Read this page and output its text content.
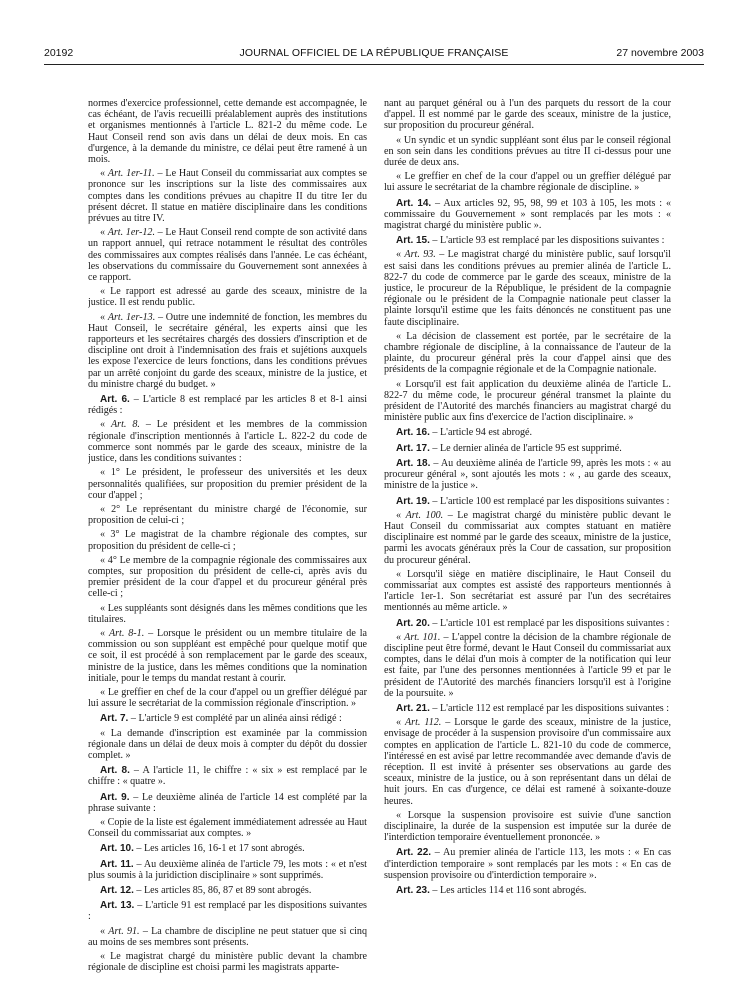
20192	JOURNAL OFFICIEL DE LA RÉPUBLIQUE FRANÇAISE	27 novembre 2003

normes d'exercice professionnel, cette demande est accompagnée, le cas échéant, de l'avis recueilli préalablement auprès des institutions et organismes mentionnés à l'article L. 821-2 du même code. Le Haut Conseil rend son avis dans un délai de deux mois. En cas d'urgence, à la demande du ministre, ce délai peut être ramené à un mois.

« Art. 1er-11. – Le Haut Conseil du commissariat aux comptes se prononce sur les inscriptions sur la liste des commissaires aux comptes dans les conditions prévues au chapitre II du titre Ier du présent décret. Il statue en matière disciplinaire dans les conditions prévues au titre IV.

« Art. 1er-12. – Le Haut Conseil rend compte de son activité dans un rapport annuel, qui retrace notamment le résultat des contrôles des commissaires aux comptes réalisés dans l'année. Le cas échéant, les observations du commissaire du Gouvernement sont annexées à ce rapport.

« Le rapport est adressé au garde des sceaux, ministre de la justice. Il est rendu public.

« Art. 1er-13. – Outre une indemnité de fonction, les membres du Haut Conseil, le secrétaire général, les experts ainsi que les rapporteurs et les secrétaires chargés des dossiers d'inscription et de discipline ont droit à l'indemnisation des frais et sujétions auxquels les expose l'exercice de leurs fonctions, dans les conditions prévues par un arrêté conjoint du garde des sceaux, ministre de la justice, et du ministre chargé du budget. »

Art. 6. – L'article 8 est remplacé par les articles 8 et 8-1 ainsi rédigés :

« Art. 8. – Le président et les membres de la commission régionale d'inscription mentionnés à l'article L. 822-2 du code de commerce sont nommés par le garde des sceaux, ministre de la justice, dans les conditions suivantes :

« 1° Le président, le professeur des universités et les deux personnalités qualifiées, sur proposition du premier président de la cour d'appel ;

« 2° Le représentant du ministre chargé de l'économie, sur proposition de celui-ci ;

« 3° Le magistrat de la chambre régionale des comptes, sur proposition du président de celle-ci ;

« 4° Le membre de la compagnie régionale des commissaires aux comptes, sur proposition du président de celle-ci, après avis du premier président de la cour d'appel et du procureur général près celle-ci ;

« Les suppléants sont désignés dans les mêmes conditions que les titulaires.

« Art. 8-1. – Lorsque le président ou un membre titulaire de la commission ou son suppléant est empêché pour quelque motif que ce soit, il est procédé à son remplacement par le garde des sceaux, ministre de la justice, dans les mêmes conditions que la nomination initiale, pour le temps du mandat restant à courir.

« Le greffier en chef de la cour d'appel ou un greffier délégué par lui assure le secrétariat de la commission régionale d'inscription. »

Art. 7. – L'article 9 est complété par un alinéa ainsi rédigé :

« La demande d'inscription est examinée par la commission régionale dans un délai de deux mois à compter du dépôt du dossier complet. »

Art. 8. – A l'article 11, le chiffre : « six » est remplacé par le chiffre : « quatre ».

Art. 9. – Le deuxième alinéa de l'article 14 est complété par la phrase suivante :

« Copie de la liste est également immédiatement adressée au Haut Conseil du commissariat aux comptes. »

Art. 10. – Les articles 16, 16-1 et 17 sont abrogés.

Art. 11. – Au deuxième alinéa de l'article 79, les mots : « et n'est plus soumis à la juridiction disciplinaire » sont supprimés.

Art. 12. – Les articles 85, 86, 87 et 89 sont abrogés.

Art. 13. – L'article 91 est remplacé par les dispositions suivantes :

« Art. 91. – La chambre de discipline ne peut statuer que si cinq au moins de ses membres sont présents.

« Le magistrat chargé du ministère public devant la chambre régionale de discipline est choisi parmi les magistrats apparte-

nant au parquet général ou à l'un des parquets du ressort de la cour d'appel. Il est nommé par le garde des sceaux, ministre de la justice, sur proposition du procureur général.

« Un syndic et un syndic suppléant sont élus par le conseil régional en son sein dans les conditions prévues au titre II ci-dessus pour une durée de deux ans.

« Le greffier en chef de la cour d'appel ou un greffier délégué par lui assure le secrétariat de la chambre régionale de discipline. »

Art. 14. – Aux articles 92, 95, 98, 99 et 103 à 105, les mots : « commissaire du Gouvernement » sont remplacés par les mots : « magistrat chargé du ministère public ».

Art. 15. – L'article 93 est remplacé par les dispositions suivantes :

« Art. 93. – Le magistrat chargé du ministère public, sauf lorsqu'il est saisi dans les conditions prévues au premier alinéa de l'article L. 822-7 du code de commerce par le garde des sceaux, ministre de la justice, le procureur de la République, le président de la compagnie régionale ou le président de la Compagnie nationale peut classer la plainte lorsqu'il estime que les faits dénoncés ne constituent pas une faute disciplinaire.

« La décision de classement est portée, par le secrétaire de la chambre régionale de discipline, à la connaissance de l'auteur de la plainte, du procureur général près la cour d'appel ainsi que des présidents de la compagnie régionale et de la Compagnie nationale.

« Lorsqu'il est fait application du deuxième alinéa de l'article L. 822-7 du même code, le procureur général transmet la plainte du président de l'Autorité des marchés financiers au magistrat chargé du ministère public aux fins d'exercice de l'action disciplinaire. »

Art. 16. – L'article 94 est abrogé.

Art. 17. – Le dernier alinéa de l'article 95 est supprimé.

Art. 18. – Au deuxième alinéa de l'article 99, après les mots : « au procureur général », sont ajoutés les mots : « , au garde des sceaux, ministre de la justice ».

Art. 19. – L'article 100 est remplacé par les dispositions suivantes :

« Art. 100. – Le magistrat chargé du ministère public devant le Haut Conseil du commissariat aux comptes statuant en matière disciplinaire est nommé par le garde des sceaux, ministre de la justice, parmi les avocats généraux près la Cour de cassation, sur proposition du procureur général.

« Lorsqu'il siège en matière disciplinaire, le Haut Conseil du commissariat aux comptes est assisté des rapporteurs mentionnés à l'article 1er-1. Son secrétariat est assuré par l'un des secrétaires mentionnés au même article. »

Art. 20. – L'article 101 est remplacé par les dispositions suivantes :

« Art. 101. – L'appel contre la décision de la chambre régionale de discipline peut être formé, devant le Haut Conseil du commissariat aux comptes, dans le délai d'un mois à compter de la notification qui leur est faite, par l'une des personnes mentionnées à l'article 99 et par le président de l'Autorité des marchés financiers lorsqu'il est à l'origine de la poursuite. »

Art. 21. – L'article 112 est remplacé par les dispositions suivantes :

« Art. 112. – Lorsque le garde des sceaux, ministre de la justice, envisage de procéder à la suspension provisoire d'un commissaire aux comptes en application de l'article L. 821-10 du code de commerce, l'intéressé en est avisé par lettre recommandée avec demande d'avis de réception. Il est invité à présenter ses observations au garde des sceaux, ministre de la justice, ou à son représentant dans un délai de huit jours. En cas d'urgence, ce délai est ramené à soixante-douze heures.

« Lorsque la suspension provisoire est suivie d'une sanction disciplinaire, la durée de la suspension est imputée sur la durée de l'interdiction temporaire éventuellement prononcée. »

Art. 22. – Au premier alinéa de l'article 113, les mots : « En cas d'interdiction temporaire » sont remplacés par les mots : « En cas de suspension provisoire ou d'interdiction temporaire ».

Art. 23. – Les articles 114 et 116 sont abrogés.
